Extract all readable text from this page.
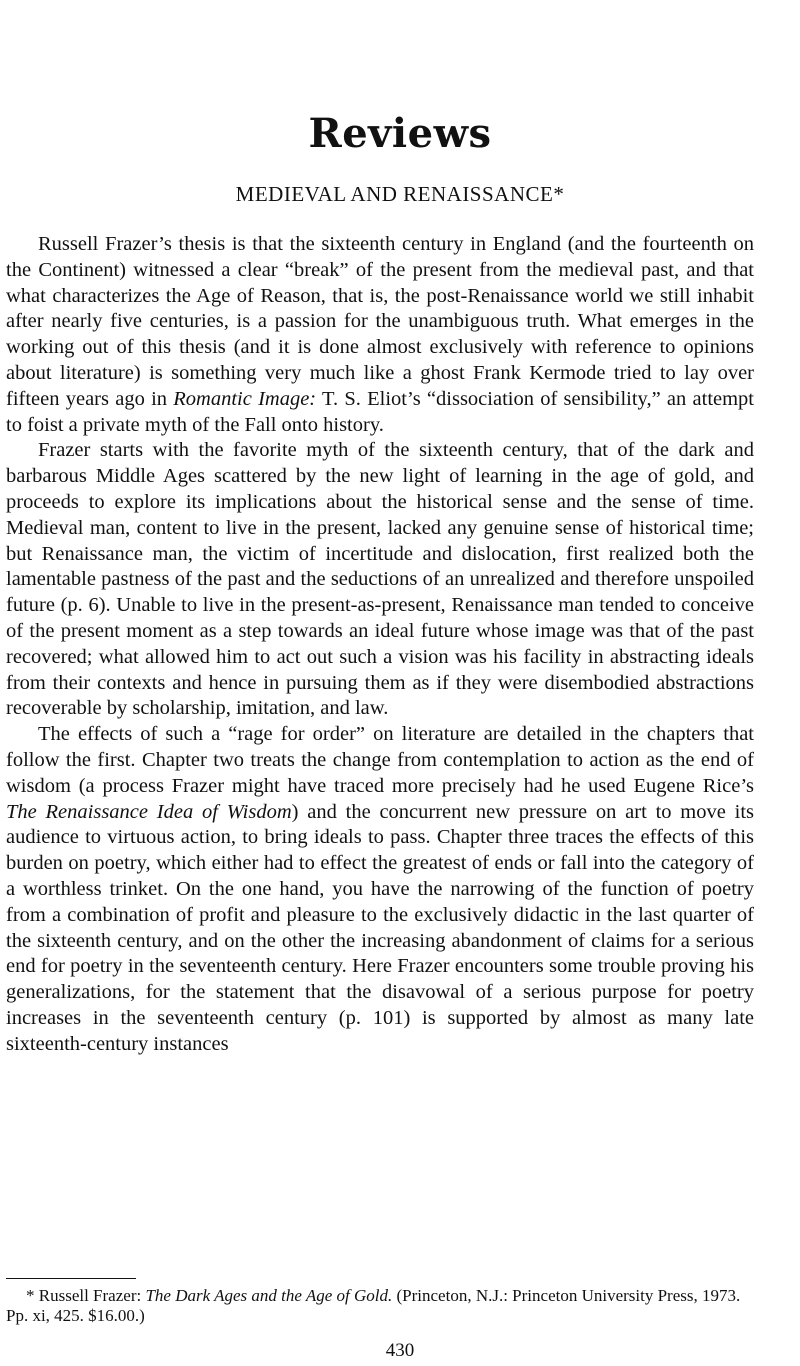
Reviews
MEDIEVAL AND RENAISSANCE*

Russell Frazer’s thesis is that the sixteenth century in England (and the fourteenth on the Continent) witnessed a clear “break” of the present from the medieval past, and that what characterizes the Age of Reason, that is, the post-Renaissance world we still inhabit after nearly five centuries, is a passion for the unambiguous truth. What emerges in the working out of this thesis (and it is done almost exclusively with reference to opinions about literature) is something very much like a ghost Frank Kermode tried to lay over fifteen years ago in Romantic Image: T. S. Eliot’s “dissociation of sensibility,” an attempt to foist a private myth of the Fall onto history.

Frazer starts with the favorite myth of the sixteenth century, that of the dark and barbarous Middle Ages scattered by the new light of learning in the age of gold, and proceeds to explore its implications about the historical sense and the sense of time. Medieval man, content to live in the present, lacked any genuine sense of historical time; but Renaissance man, the victim of incertitude and dislocation, first realized both the lamentable pastness of the past and the seductions of an unrealized and therefore unspoiled future (p. 6). Unable to live in the present-as-present, Renaissance man tended to conceive of the present moment as a step towards an ideal future whose image was that of the past recovered; what allowed him to act out such a vision was his facility in abstracting ideals from their contexts and hence in pursuing them as if they were disembodied abstractions recoverable by scholarship, imitation, and law.

The effects of such a “rage for order” on literature are detailed in the chapters that follow the first. Chapter two treats the change from contemplation to action as the end of wisdom (a process Frazer might have traced more precisely had he used Eugene Rice’s The Renaissance Idea of Wisdom) and the concurrent new pressure on art to move its audience to virtuous action, to bring ideals to pass. Chapter three traces the effects of this burden on poetry, which either had to effect the greatest of ends or fall into the category of a worthless trinket. On the one hand, you have the narrowing of the function of poetry from a combination of profit and pleasure to the exclusively didactic in the last quarter of the sixteenth century, and on the other the increasing abandonment of claims for a serious end for poetry in the seventeenth century. Here Frazer encounters some trouble proving his generalizations, for the statement that the disavowal of a serious purpose for poetry increases in the seventeenth century (p. 101) is supported by almost as many late sixteenth-century instances

* Russell Frazer: The Dark Ages and the Age of Gold. (Princeton, N.J.: Princeton University Press, 1973. Pp. xi, 425. $16.00.)
430
